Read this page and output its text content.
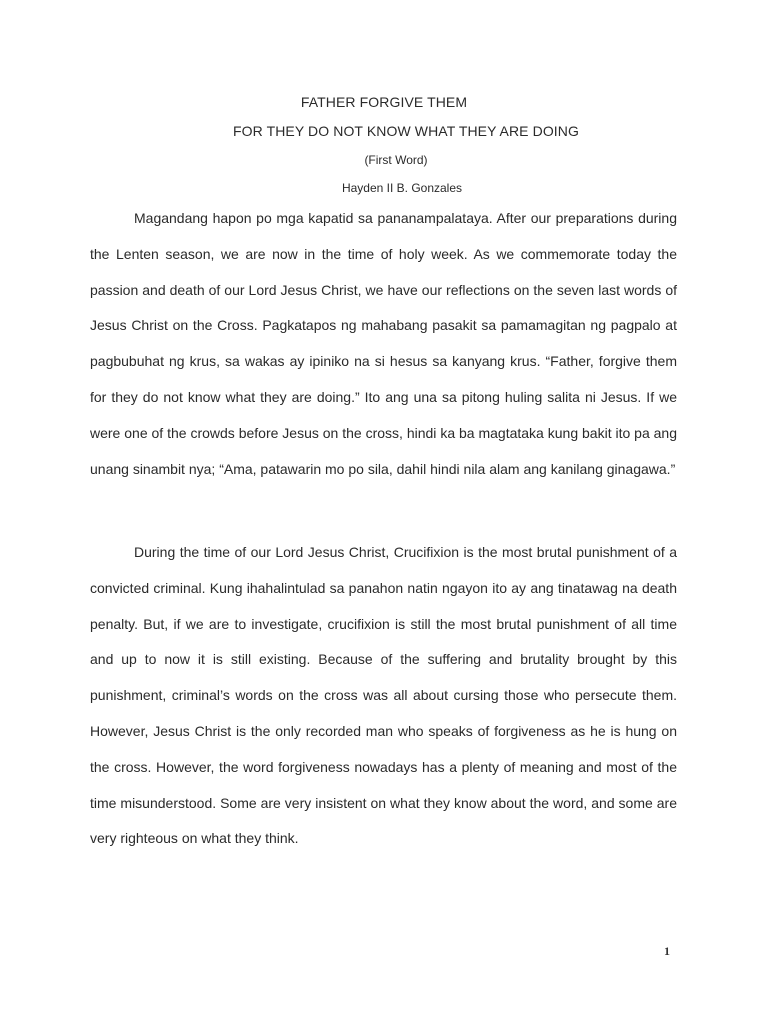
FATHER FORGIVE THEM
FOR THEY DO NOT KNOW WHAT THEY ARE DOING
(First Word)
Hayden II B. Gonzales

Magandang hapon po mga kapatid sa pananampalataya. After our preparations during the Lenten season, we are now in the time of holy week. As we commemorate today the passion and death of our Lord Jesus Christ, we have our reflections on the seven last words of Jesus Christ on the Cross. Pagkatapos ng mahabang pasakit sa pamamagitan ng pagpalo at pagbubuhat ng krus, sa wakas ay ipiniko na si hesus sa kanyang krus. “Father, forgive them for they do not know what they are doing.” Ito ang una sa pitong huling salita ni Jesus. If we were one of the crowds before Jesus on the cross, hindi ka ba magtataka kung bakit ito pa ang unang sinambit nya; “Ama, patawarin mo po sila, dahil hindi nila alam ang kanilang ginagawa.”

During the time of our Lord Jesus Christ, Crucifixion is the most brutal punishment of a convicted criminal. Kung ihahalintulad sa panahon natin ngayon ito ay ang tinatawag na death penalty. But, if we are to investigate, crucifixion is still the most brutal punishment of all time and up to now it is still existing. Because of the suffering and brutality brought by this punishment, criminal’s words on the cross was all about cursing those who persecute them. However, Jesus Christ is the only recorded man who speaks of forgiveness as he is hung on the cross. However, the word forgiveness nowadays has a plenty of meaning and most of the time misunderstood. Some are very insistent on what they know about the word, and some are very righteous on what they think.

1
